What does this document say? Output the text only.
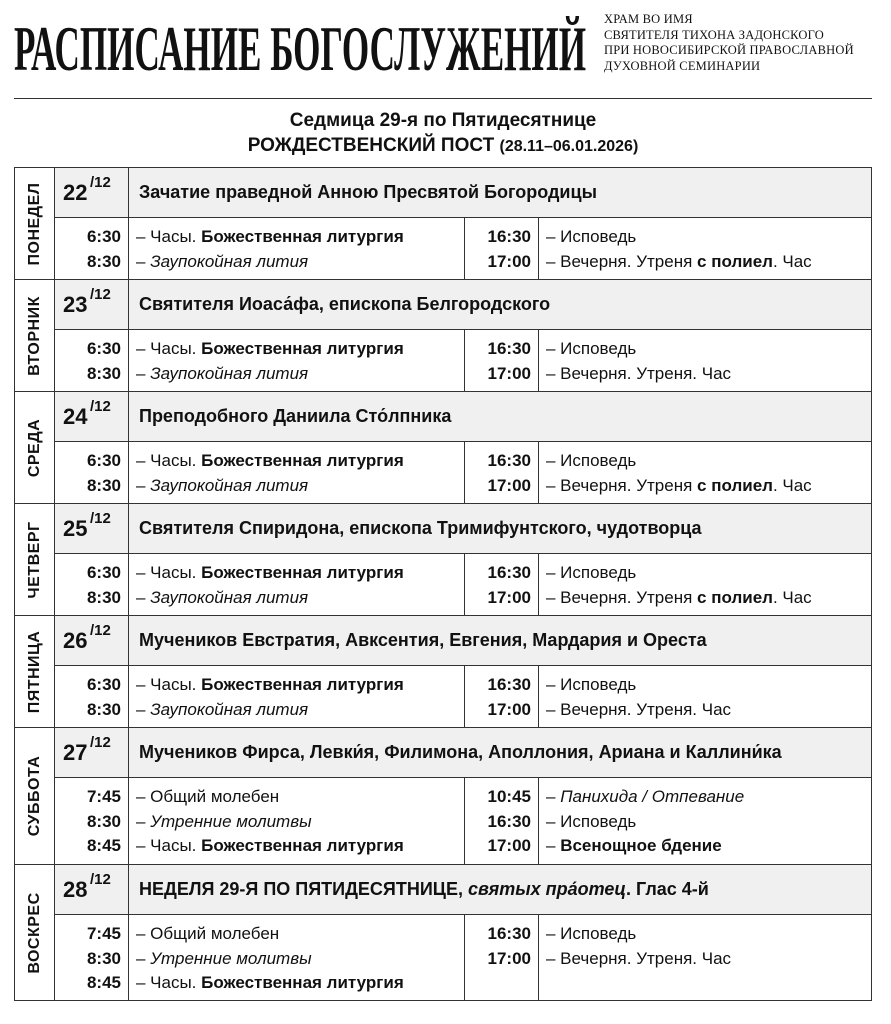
РАСПИСАНИЕ БОГОСЛУЖЕНИЙ ХРАМ ВО ИМЯ
СВЯТИТЕЛЯ ТИХОНА ЗАДОНСКОГО
ПРИ НОВОСИБИРСКОЙ ПРАВОСЛАВНОЙ
ДУХОВНОЙ СЕМИНАРИИ
Седмица 29-я по Пятидесятнице
РОЖДЕСТВЕНСКИЙ ПОСТ (28.11–06.01.2026)
ПОНЕДЕЛ 22 /12 Зачатие праведной Анною Пресвятой Богородицы
6:30
8:30
– Часы. Божественная литургия
– Заупокойная лития
16:30
17:00
– Исповедь
– Вечерня. Утреня с полиел. Час
ВТОРНИК 23 /12 Святителя Иоаса́фа, епископа Белгородского
6:30
8:30
– Часы. Божественная литургия
– Заупокойная лития
16:30
17:00
– Исповедь
– Вечерня. Утреня. Час
СРЕДА
24 /12 Преподобного Даниила Сто́лпника
6:30
8:30
– Часы. Божественная литургия
– Заупокойная лития
16:30
17:00
– Исповедь
– Вечерня. Утреня с полиел. Час
ЧЕТВЕРГ 25 /12 Святителя Спиридона, епископа Тримифунтского, чудотворца
6:30
8:30
– Часы. Божественная литургия
– Заупокойная лития
16:30
17:00
– Исповедь
– Вечерня. Утреня с полиел. Час
ПЯТНИЦА 26 /12 Мучеников Евстратия, Авксентия, Евгения, Мардария и Ореста
6:30
8:30
– Часы. Божественная литургия
– Заупокойная лития
16:30
17:00
– Исповедь
– Вечерня. Утреня. Час
СУББОТА
27 /12 Мучеников Фирса, Левки́я, Филимона, Аполлония, Ариана и Каллини́ка
7:45
8:30
8:45
– Общий молебен
– Утренние молитвы
– Часы. Божественная литургия
10:45
16:30
17:00
– Панихида / Отпевание
– Исповедь
– Всенощное бдение
ВОСКРЕС
28 /12 НЕДЕЛЯ 29-Я ПО ПЯТИДЕСЯТНИЦЕ, святых пра́отец. Глас 4-й
7:45
8:30
8:45
– Общий молебен
– Утренние молитвы
– Часы. Божественная литургия
16:30
17:00
– Исповедь
– Вечерня. Утреня. Час
